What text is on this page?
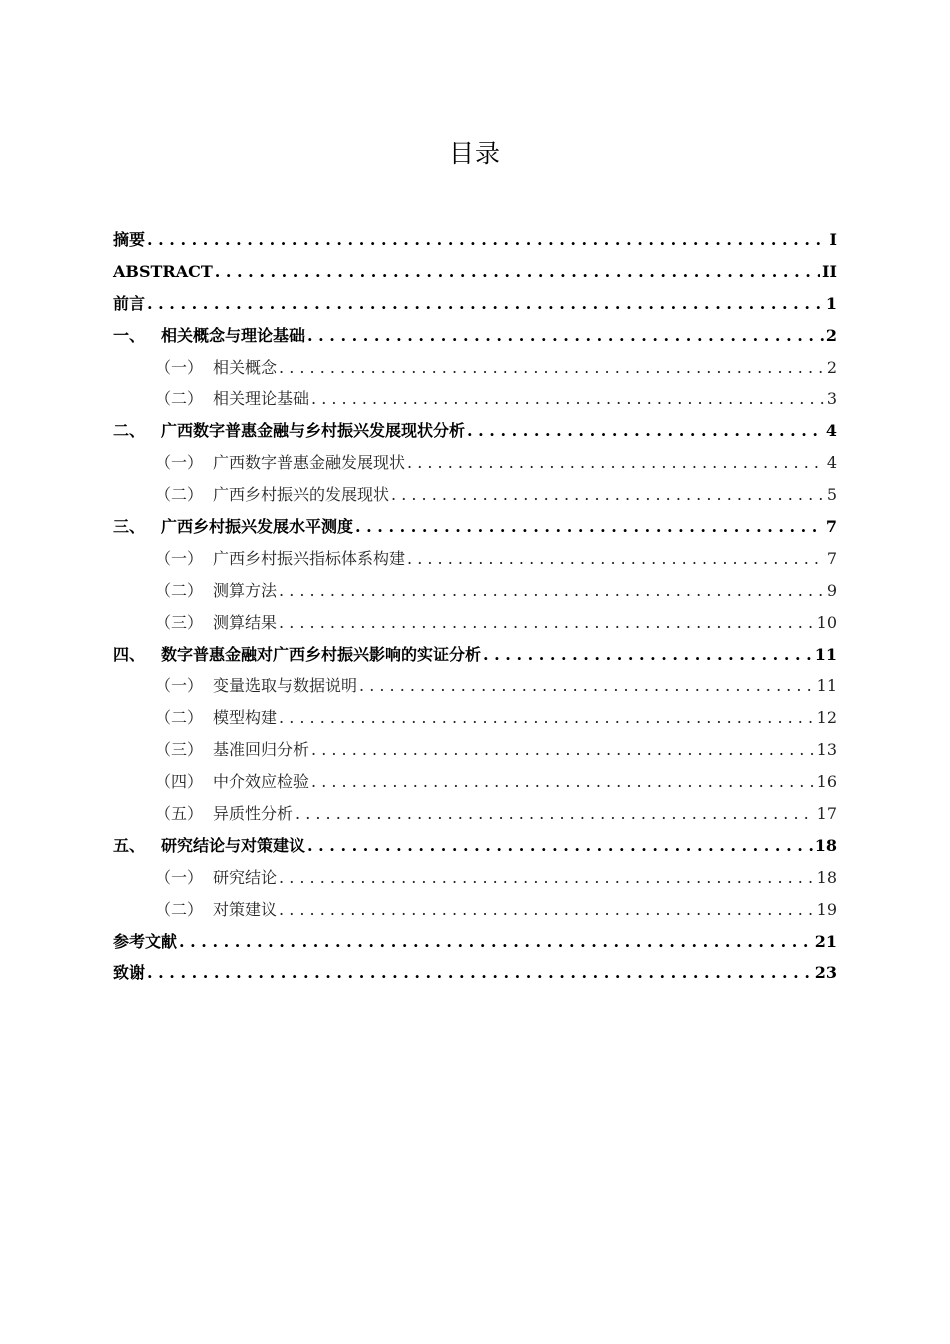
目录
摘要 . . .	I
ABSTRACT . . .	II
前言 . . .	1
一、 相关概念与理论基础 . . .	2
（一） 相关概念 . . .	2
（二） 相关理论基础 . . .	3
二、 广西数字普惠金融与乡村振兴发展现状分析 . . .	4
（一） 广西数字普惠金融发展现状 . . .	4
（二） 广西乡村振兴的发展现状 . . .	5
三、 广西乡村振兴发展水平测度 . . .	7
（一） 广西乡村振兴指标体系构建 . . .	7
（二） 测算方法 . . .	9
（三） 测算结果 . . .	10
四、 数字普惠金融对广西乡村振兴影响的实证分析 . . .	11
（一） 变量选取与数据说明 . . .	11
（二） 模型构建 . . .	12
（三） 基准回归分析 . . .	13
（四） 中介效应检验 . . .	16
（五） 异质性分析 . . .	17
五、 研究结论与对策建议 . . .	18
（一） 研究结论 . . .	18
（二） 对策建议 . . .	19
参考文献 . . .	21
致谢 . . .	23
